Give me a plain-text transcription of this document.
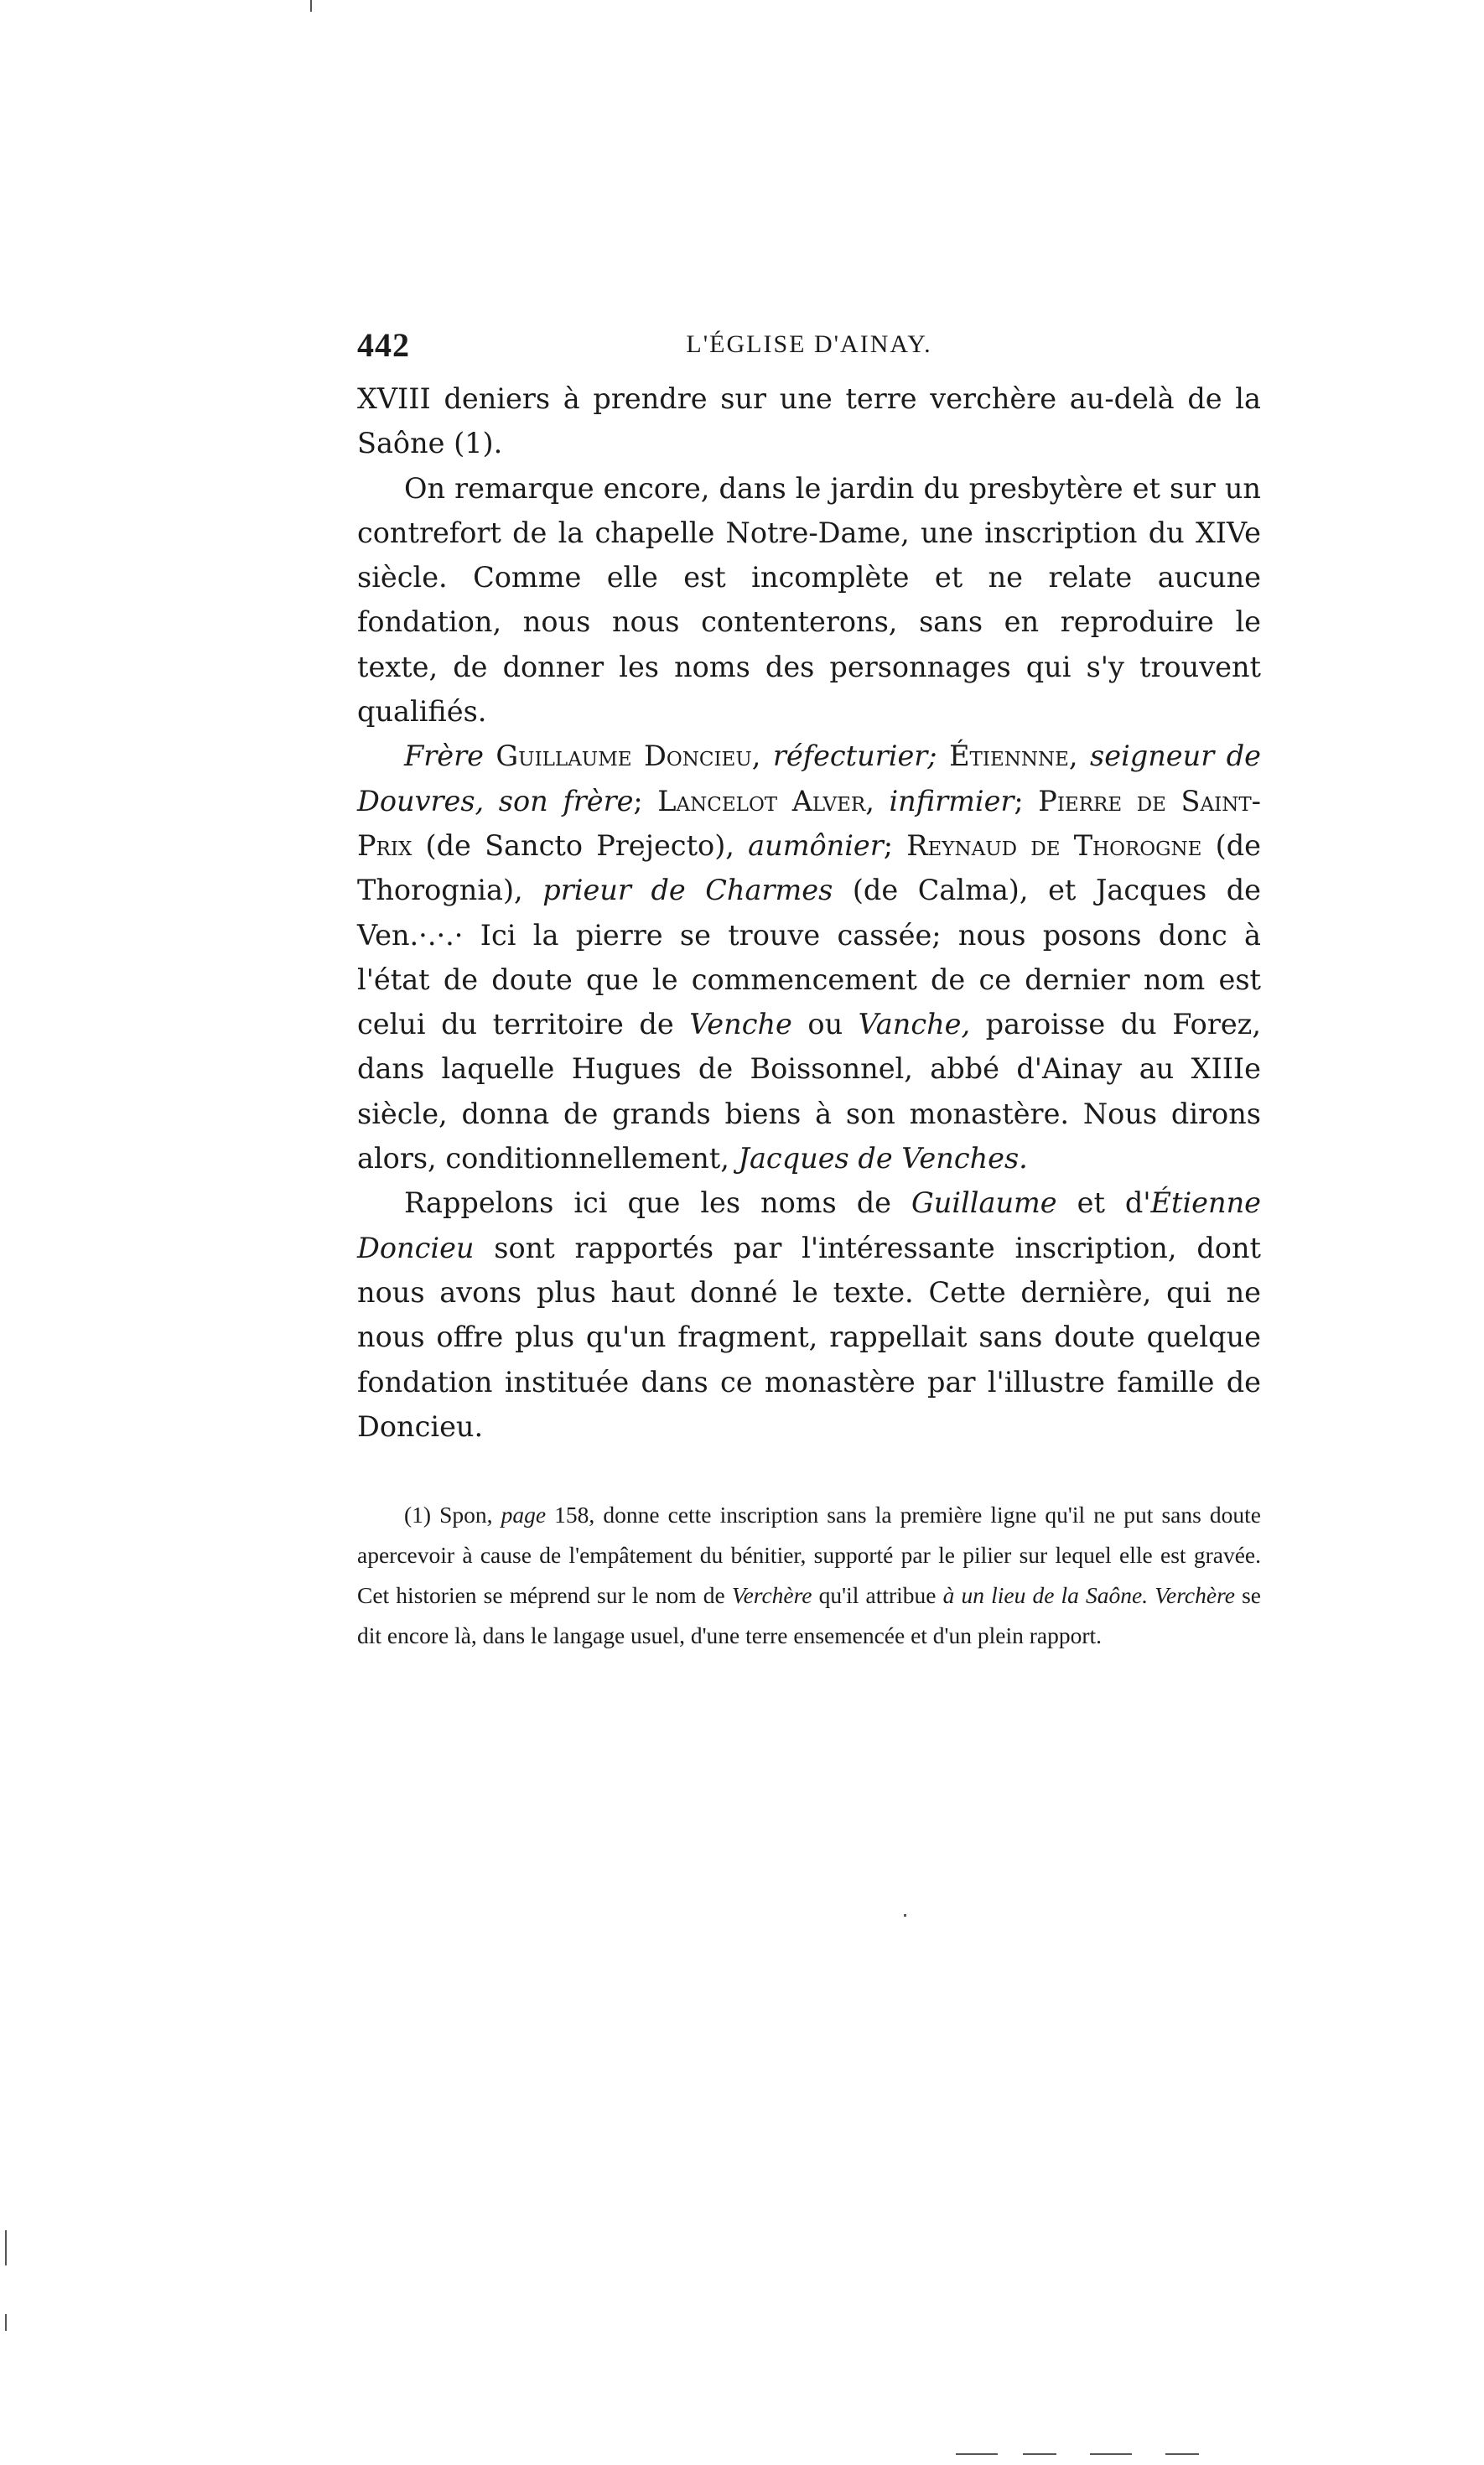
442	L'ÉGLISE D'AINAY.

XVIII deniers à prendre sur une terre verchère au-delà de la Saône (1).

On remarque encore, dans le jardin du presbytère et sur un contrefort de la chapelle Notre-Dame, une inscription du XIVe siècle. Comme elle est incomplète et ne relate aucune fondation, nous nous contenterons, sans en reproduire le texte, de donner les noms des personnages qui s'y trouvent qualifiés.

Frère Guillaume Doncieu, réfecturier; Étiennne, seigneur de Douvres, son frère; Lancelot Alver, infirmier; Pierre de Saint-Prix (de Sancto Prejecto), aumônier; Reynaud de Thorogne (de Thorognia), prieur de Charmes (de Calma), et Jacques de Ven.·.·.· Ici la pierre se trouve cassée; nous posons donc à l'état de doute que le commencement de ce dernier nom est celui du territoire de Venche ou Vanche, paroisse du Forez, dans laquelle Hugues de Boissonnel, abbé d'Ainay au XIIIe siècle, donna de grands biens à son monastère. Nous dirons alors, conditionnellement, Jacques de Venches.

Rappelons ici que les noms de Guillaume et d'Étienne Doncieu sont rapportés par l'intéressante inscription, dont nous avons plus haut donné le texte. Cette dernière, qui ne nous offre plus qu'un fragment, rappellait sans doute quelque fondation instituée dans ce monastère par l'illustre famille de Doncieu.

(1) Spon, page 158, donne cette inscription sans la première ligne qu'il ne put sans doute apercevoir à cause de l'empâtement du bénitier, supporté par le pilier sur lequel elle est gravée. Cet historien se méprend sur le nom de Verchère qu'il attribue à un lieu de la Saône. Verchère se dit encore là, dans le langage usuel, d'une terre ensemencée et d'un plein rapport.
